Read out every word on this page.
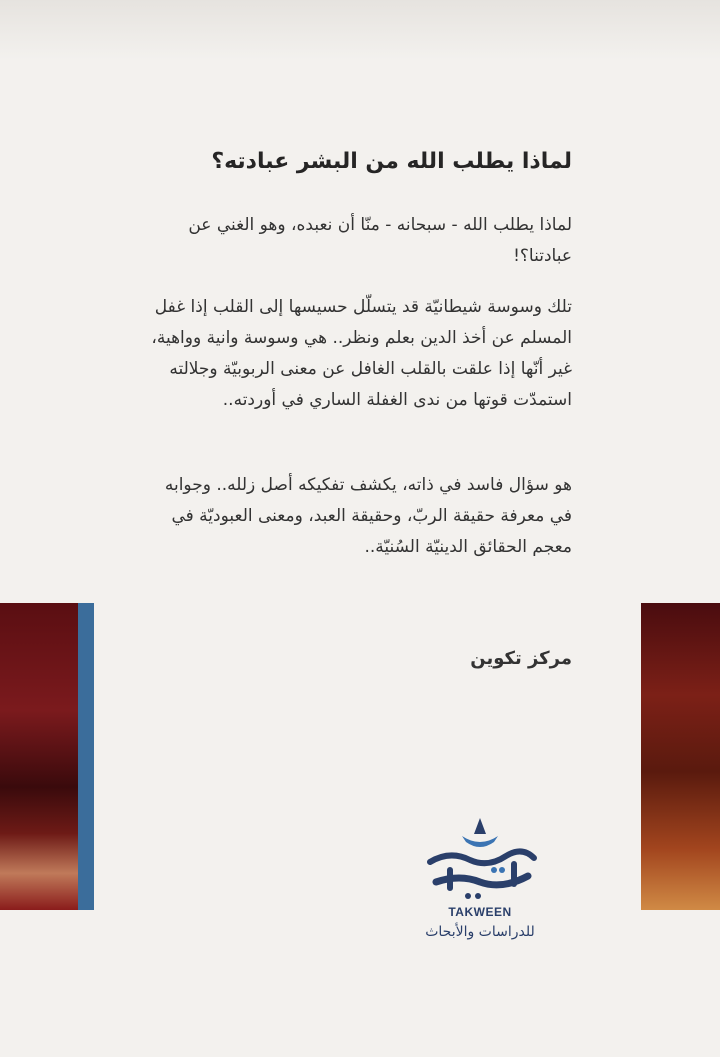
لماذا يطلب الله من البشر عبادته؟
لماذا يطلب الله - سبحانه - منّا أن نعبده، وهو الغني عن عبادتنا؟!
تلك وسوسة شيطانيّة قد يتسلّل حسيسها إلى القلب إذا غفل المسلم عن أخذ الدين بعلم ونظر.. هي وسوسة وانية وواهية، غير أنّها إذا علقت بالقلب الغافل عن معنى الربوبيّة وجلالته استمدّت قوتها من ندى الغفلة الساري في أوردته..
هو سؤال فاسد في ذاته، يكشف تفكيكه أصل زلله.. وجوابه في معرفة حقيقة الربّ، وحقيقة العبد، ومعنى العبوديّة في معجم الحقائق الدينيّة السُنيّة..
مركز تكوين
TAKWEEN
للدراسات والأبحاث
